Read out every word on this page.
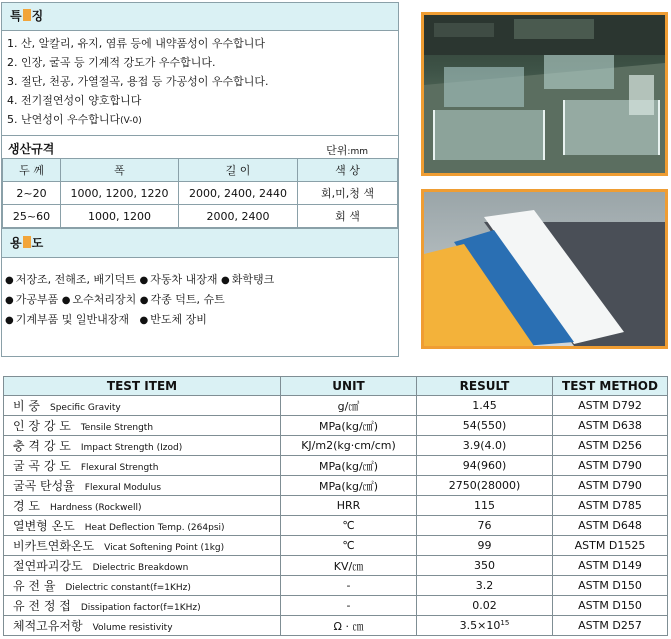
특 징
1. 산, 알칼리, 유지, 염류 등에 내약품성이 우수합니다
2. 인장, 굴곡 등 기계적 강도가 우수합니다.
3. 절단, 천공, 가열절곡, 용접 등 가공성이 우수합니다.
4. 전기절연성이 양호합니다
5. 난연성이 우수합니다(V-0)
생산규격	단위:mm
두 께	폭	길 이	색 상
2~20	1000, 1200, 1220	2000, 2400, 2440	회,미,청 색
25~60	1000, 1200	2000, 2400	회 색
용 도
● 저장조, 전해조, 배기덕트 ● 자동차 내장재 ● 화학탱크
● 가공부품 ● 오수처리장치 ● 각종 덕트, 슈트
● 기계부품 및 일반내장재 ● 반도체 장비
TEST ITEM	UNIT	RESULT	TEST METHOD
비 중 Specific Gravity	g/㎤	1.45	ASTM D792
인 장 강 도 Tensile Strength	MPa(kg/㎠)	54(550)	ASTM D638
충 격 강 도 Impact Strength (Izod)	KJ/m2(kg·cm/cm)	3.9(4.0)	ASTM D256
굴 곡 강 도 Flexural Strength	MPa(kg/㎠)	94(960)	ASTM D790
굴곡 탄성율 Flexural Modulus	MPa(kg/㎠)	2750(28000)	ASTM D790
경 도 Hardness (Rockwell)	HRR	115	ASTM D785
열변형 온도 Heat Deflection Temp. (264psi)	℃	76	ASTM D648
비카트연화온도 Vicat Softening Point (1kg)	℃	99	ASTM D1525
절연파괴강도 Dielectric Breakdown	KV/㎝	350	ASTM D149
유 전 율 Dielectric constant(f=1KHz)	-	3.2	ASTM D150
유 전 정 접 Dissipation factor(f=1KHz)	-	0.02	ASTM D150
체적고유저항 Volume resistivity	Ω · ㎝	$3.5\times 10^{15}$	ASTM D257
